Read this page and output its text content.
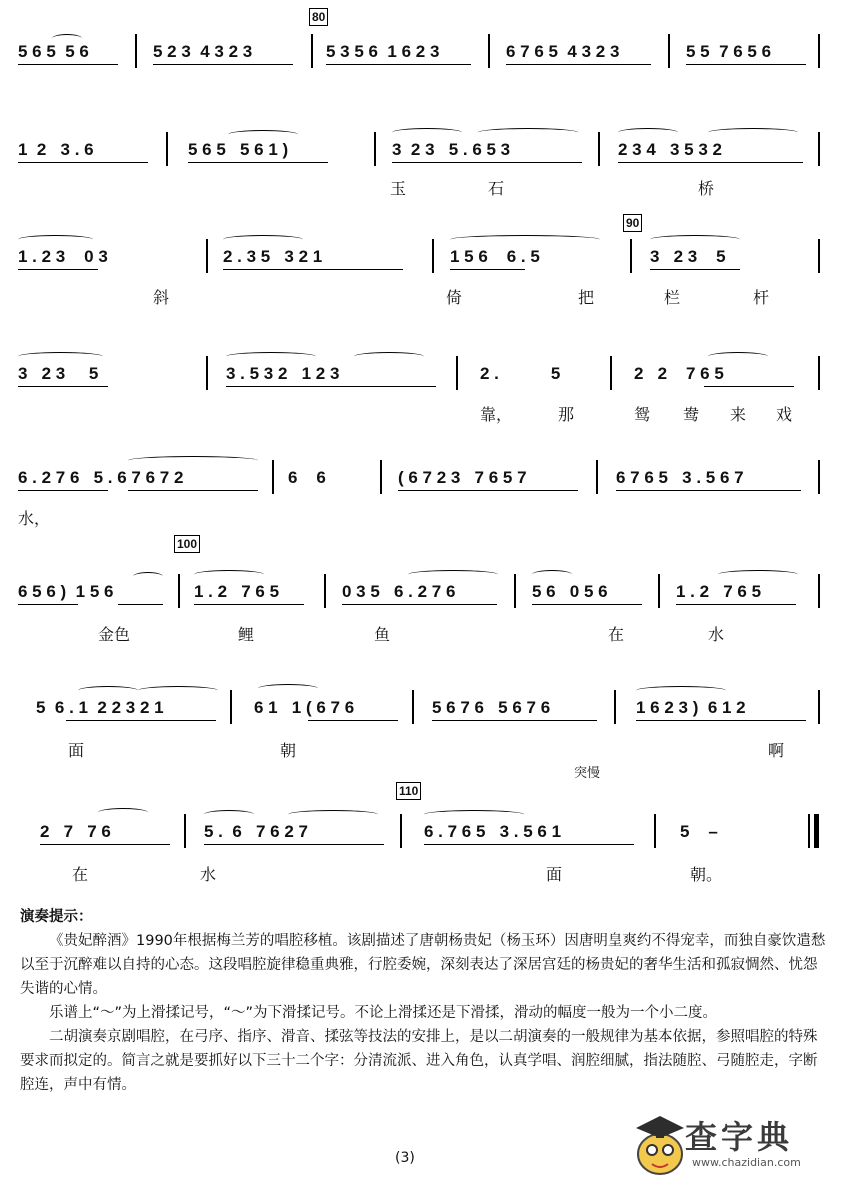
80
90
100
110
5 6 5  5 6	5 2 3  4 3 2 3	5 3 5 6  1 6 2 3	6 7 6 5  4 3 2 3	5 5  7 6 5 6
1  2   3 . 6	5 6 5   5 6 1 )	3  2 3   5 . 6 5 3	2 3 4   3 5 3 2
玉	石	桥
1 . 2 3    0 3	2 . 3 5   3 2 1	1 5 6    6 . 5	3   2 3    5
斜	倚	把	栏	杆
3   2 3     5	3 . 5 3 2   1 2 3	2 .           5	2   2    7 6 5
靠，	那	鸳 鸯 来 戏
6 . 2 7 6   5 . 6 7 6 7 2	6    6	( 6 7 2 3   7 6 5 7	6 7 6 5   3 . 5 6 7
水，
6 5 6 )  1 5 6	1 . 2   7 6 5	0 3 5   6 . 2 7 6	5 6   0 5 6	1 . 2   7 6 5
金色	鲤	鱼	在	水
5  6 . 1  2 2 3 2 1	6 1   1 ( 6 7 6	5 6 7 6   5 6 7 6	1 6 2 3 )  6 1 2
面	朝	啊
突慢
2   7   7 6	5 .  6   7 6 2 7	6 . 7 6 5   3 . 5 6 1	5    –
在	水	面	朝。
演奏提示：

《贵妃醉酒》1990年根据梅兰芳的唱腔移植。该剧描述了唐朝杨贵妃（杨玉环）因唐明皇爽约不得宠幸，而独自豪饮遣愁以至于沉醉难以自持的心态。这段唱腔旋律稳重典雅，行腔委婉，深刻表达了深居宫廷的杨贵妃的奢华生活和孤寂惆然、忧怨失谐的心情。

乐谱上“～”为上滑揉记号，“～”为下滑揉记号。不论上滑揉还是下滑揉，滑动的幅度一般为一个小二度。

二胡演奏京剧唱腔，在弓序、指序、滑音、揉弦等技法的安排上，是以二胡演奏的一般规律为基本依据，参照唱腔的特殊要求而拟定的。简言之就是要抓好以下三十二个字：分清流派、进入角色，认真学唱、润腔细腻，指法随腔、弓随腔走，字断腔连，声中有情。

(3)
查字典
www.chazidian.com
